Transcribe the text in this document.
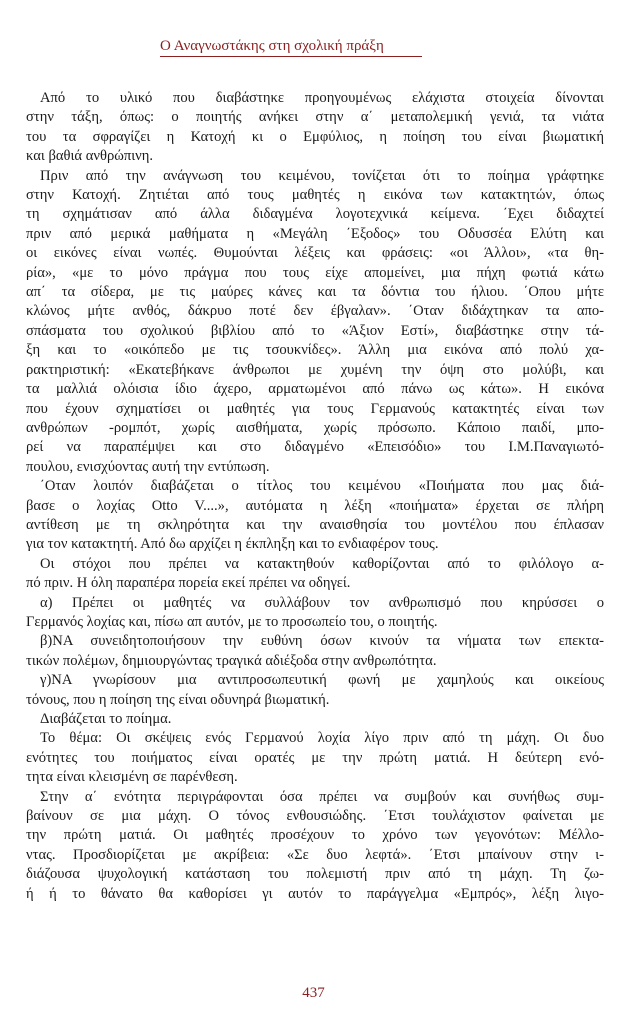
Ο Αναγνωστάκης στη σχολική πράξη
Από το υλικό που διαβάστηκε προηγουμένως ελάχιστα στοιχεία δίνονται
στην τάξη, όπως: ο ποιητής ανήκει στην α΄ μεταπολεμική γενιά, τα νιάτα
του τα σφραγίζει η Κατοχή κι ο Εμφύλιος, η ποίηση του είναι βιωματική
και βαθιά ανθρώπινη.
Πριν από την ανάγνωση του κειμένου, τονίζεται ότι το ποίημα γράφτηκε
στην Κατοχή. Ζητιέται από τους μαθητές η εικόνα των κατακτητών, όπως
τη σχημάτισαν από άλλα διδαγμένα λογοτεχνικά κείμενα. ΄Εχει διδαχτεί
πριν από μερικά μαθήματα η «Μεγάλη ΄Εξοδος» του Οδυσσέα Ελύτη και
οι εικόνες είναι νωπές. Θυμούνται λέξεις και φράσεις: «οι Άλλοι», «τα θη-
ρία», «με το μόνο πράγμα που τους είχε απομείνει, μια πήχη φωτιά κάτω
απ΄ τα σίδερα, με τις μαύρες κάνες και τα δόντια του ήλιου. ΄Οπου μήτε
κλώνος μήτε ανθός, δάκρυο ποτέ δεν έβγαλαν». ΄Οταν διδάχτηκαν τα απο-
σπάσματα του σχολικού βιβλίου από το «Άξιον Εστί», διαβάστηκε στην τά-
ξη και το «οικόπεδο με τις τσουκνίδες». Άλλη μια εικόνα από πολύ χα-
ρακτηριστική: «Εκατεβήκανε άνθρωποι με χυμένη την όψη στο μολύβι, και
τα μαλλιά ολόισια ίδιο άχερο, αρματωμένοι από πάνω ως κάτω». Η εικόνα
που έχουν σχηματίσει οι μαθητές για τους Γερμανούς κατακτητές είναι των
ανθρώπων -ρομπότ, χωρίς αισθήματα, χωρίς πρόσωπο. Κάποιο παιδί, μπο-
ρεί να παραπέμψει και στο διδαγμένο «Επεισόδιο» του Ι.Μ.Παναγιωτό-
πουλου, ενισχύοντας αυτή την εντύπωση.
΄Οταν λοιπόν διαβάζεται ο τίτλος του κειμένου «Ποιήματα που μας διά-
βασε ο λοχίας Otto V....», αυτόματα η λέξη «ποιήματα» έρχεται σε πλήρη
αντίθεση με τη σκληρότητα και την αναισθησία του μοντέλου που έπλασαν
για τον κατακτητή. Από δω αρχίζει η έκπληξη και το ενδιαφέρον τους.
Οι στόχοι που πρέπει να κατακτηθούν καθορίζονται από το φιλόλογο α-
πό πριν. Η όλη παραπέρα πορεία εκεί πρέπει να οδηγεί.
α) Πρέπει οι μαθητές να συλλάβουν τον ανθρωπισμό που κηρύσσει ο
Γερμανός λοχίας και, πίσω απ αυτόν, με το προσωπείο του, ο ποιητής.
β)ΝΑ συνειδητοποιήσουν την ευθύνη όσων κινούν τα νήματα των επεκτα-
τικών πολέμων, δημιουργώντας τραγικά αδιέξοδα στην ανθρωπότητα.
γ)ΝΑ γνωρίσουν μια αντιπροσωπευτική φωνή με χαμηλούς και οικείους
τόνους, που η ποίηση της είναι οδυνηρά βιωματική.
Διαβάζεται το ποίημα.
Το θέμα: Οι σκέψεις ενός Γερμανού λοχία λίγο πριν από τη μάχη. Οι δυο
ενότητες του ποιήματος είναι ορατές με την πρώτη ματιά. Η δεύτερη ενό-
τητα είναι κλεισμένη σε παρένθεση.
Στην α΄ ενότητα περιγράφονται όσα πρέπει να συμβούν και συνήθως συμ-
βαίνουν σε μια μάχη. Ο τόνος ενθουσιώδης. ΄Ετσι τουλάχιστον φαίνεται με
την πρώτη ματιά. Οι μαθητές προσέχουν το χρόνο των γεγονότων: Μέλλο-
ντας. Προσδιορίζεται με ακρίβεια: «Σε δυο λεφτά». ΄Ετσι μπαίνουν στην ι-
διάζουσα ψυχολογική κατάσταση του πολεμιστή πριν από τη μάχη. Τη ζω-
ή ή το θάνατο θα καθορίσει γι αυτόν το παράγγελμα «Εμπρός», λέξη λιγο-
437
